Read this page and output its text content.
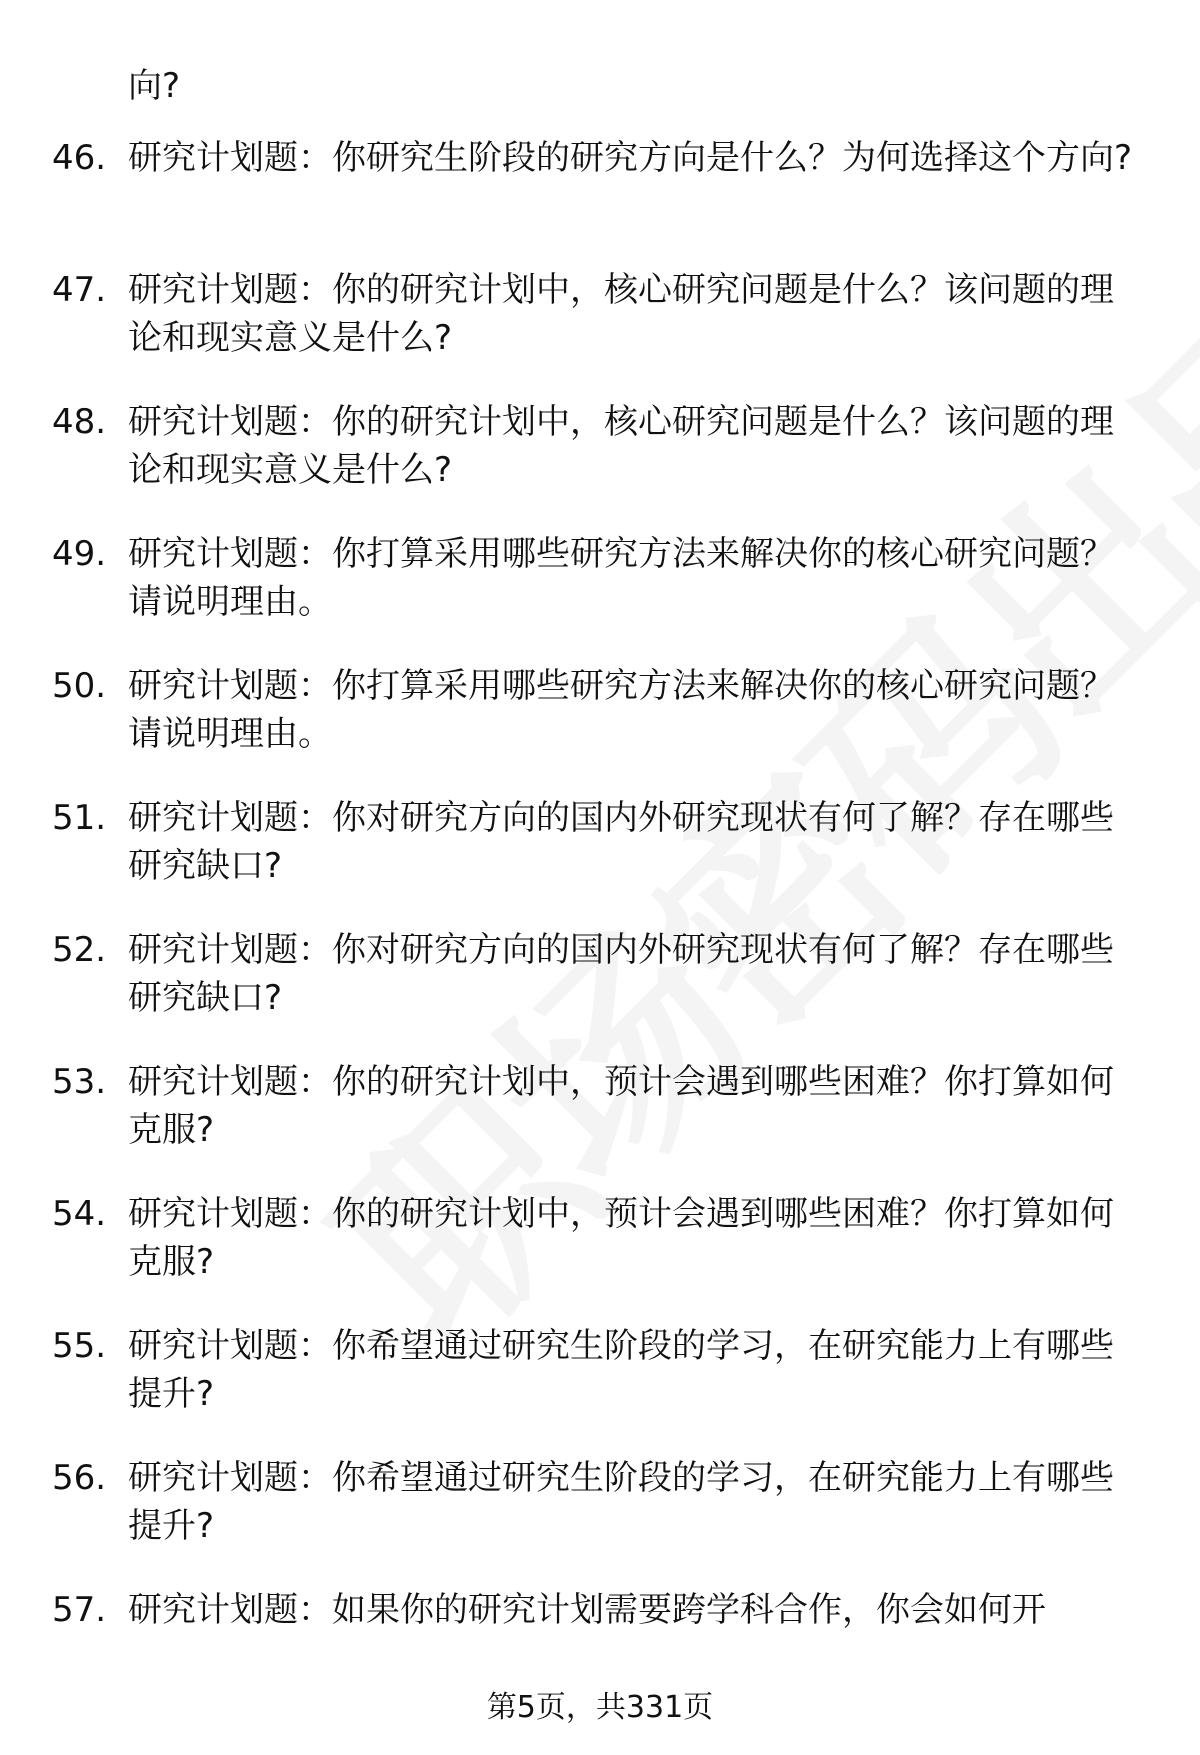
向?
46. 研究计划题：你研究生阶段的研究方向是什么？为何选择这个方向?
47. 研究计划题：你的研究计划中，核心研究问题是什么？该问题的理论和现实意义是什么?
48. 研究计划题：你的研究计划中，核心研究问题是什么？该问题的理论和现实意义是什么?
49. 研究计划题：你打算采用哪些研究方法来解决你的核心研究问题？请说明理由。
50. 研究计划题：你打算采用哪些研究方法来解决你的核心研究问题？请说明理由。
51. 研究计划题：你对研究方向的国内外研究现状有何了解？存在哪些研究缺口?
52. 研究计划题：你对研究方向的国内外研究现状有何了解？存在哪些研究缺口?
53. 研究计划题：你的研究计划中，预计会遇到哪些困难？你打算如何克服?
54. 研究计划题：你的研究计划中，预计会遇到哪些困难？你打算如何克服?
55. 研究计划题：你希望通过研究生阶段的学习，在研究能力上有哪些提升?
56. 研究计划题：你希望通过研究生阶段的学习，在研究能力上有哪些提升?
57. 研究计划题：如果你的研究计划需要跨学科合作，你会如何开
第5页，共331页
